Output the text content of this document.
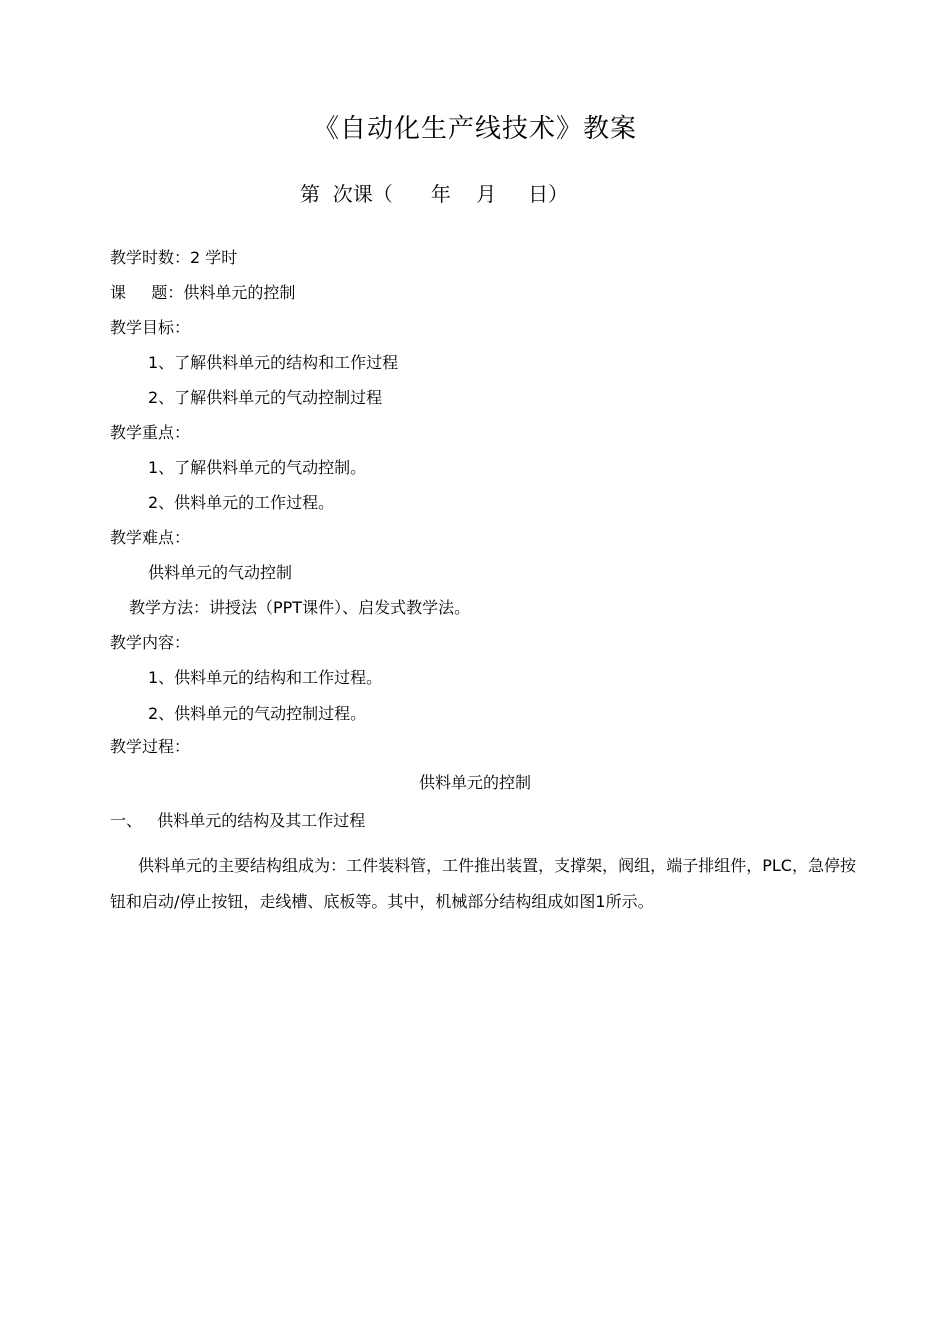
《自动化生产线技术》教案
第  次课（      年    月     日）
教学时数：2 学时
课     题：供料单元的控制
教学目标：
1、了解供料单元的结构和工作过程
2、了解供料单元的气动控制过程
教学重点：
1、了解供料单元的气动控制。
2、供料单元的工作过程。
教学难点：
供料单元的气动控制
教学方法：讲授法（PPT课件）、启发式教学法。
教学内容：
1、供料单元的结构和工作过程。
2、供料单元的气动控制过程。
教学过程：
供料单元的控制
一、   供料单元的结构及其工作过程
供料单元的主要结构组成为：工件装料管，工件推出装置，支撑架，阀组，端子排组件，PLC，急停按钮和启动/停止按钮，走线槽、底板等。其中，机械部分结构组成如图1所示。
